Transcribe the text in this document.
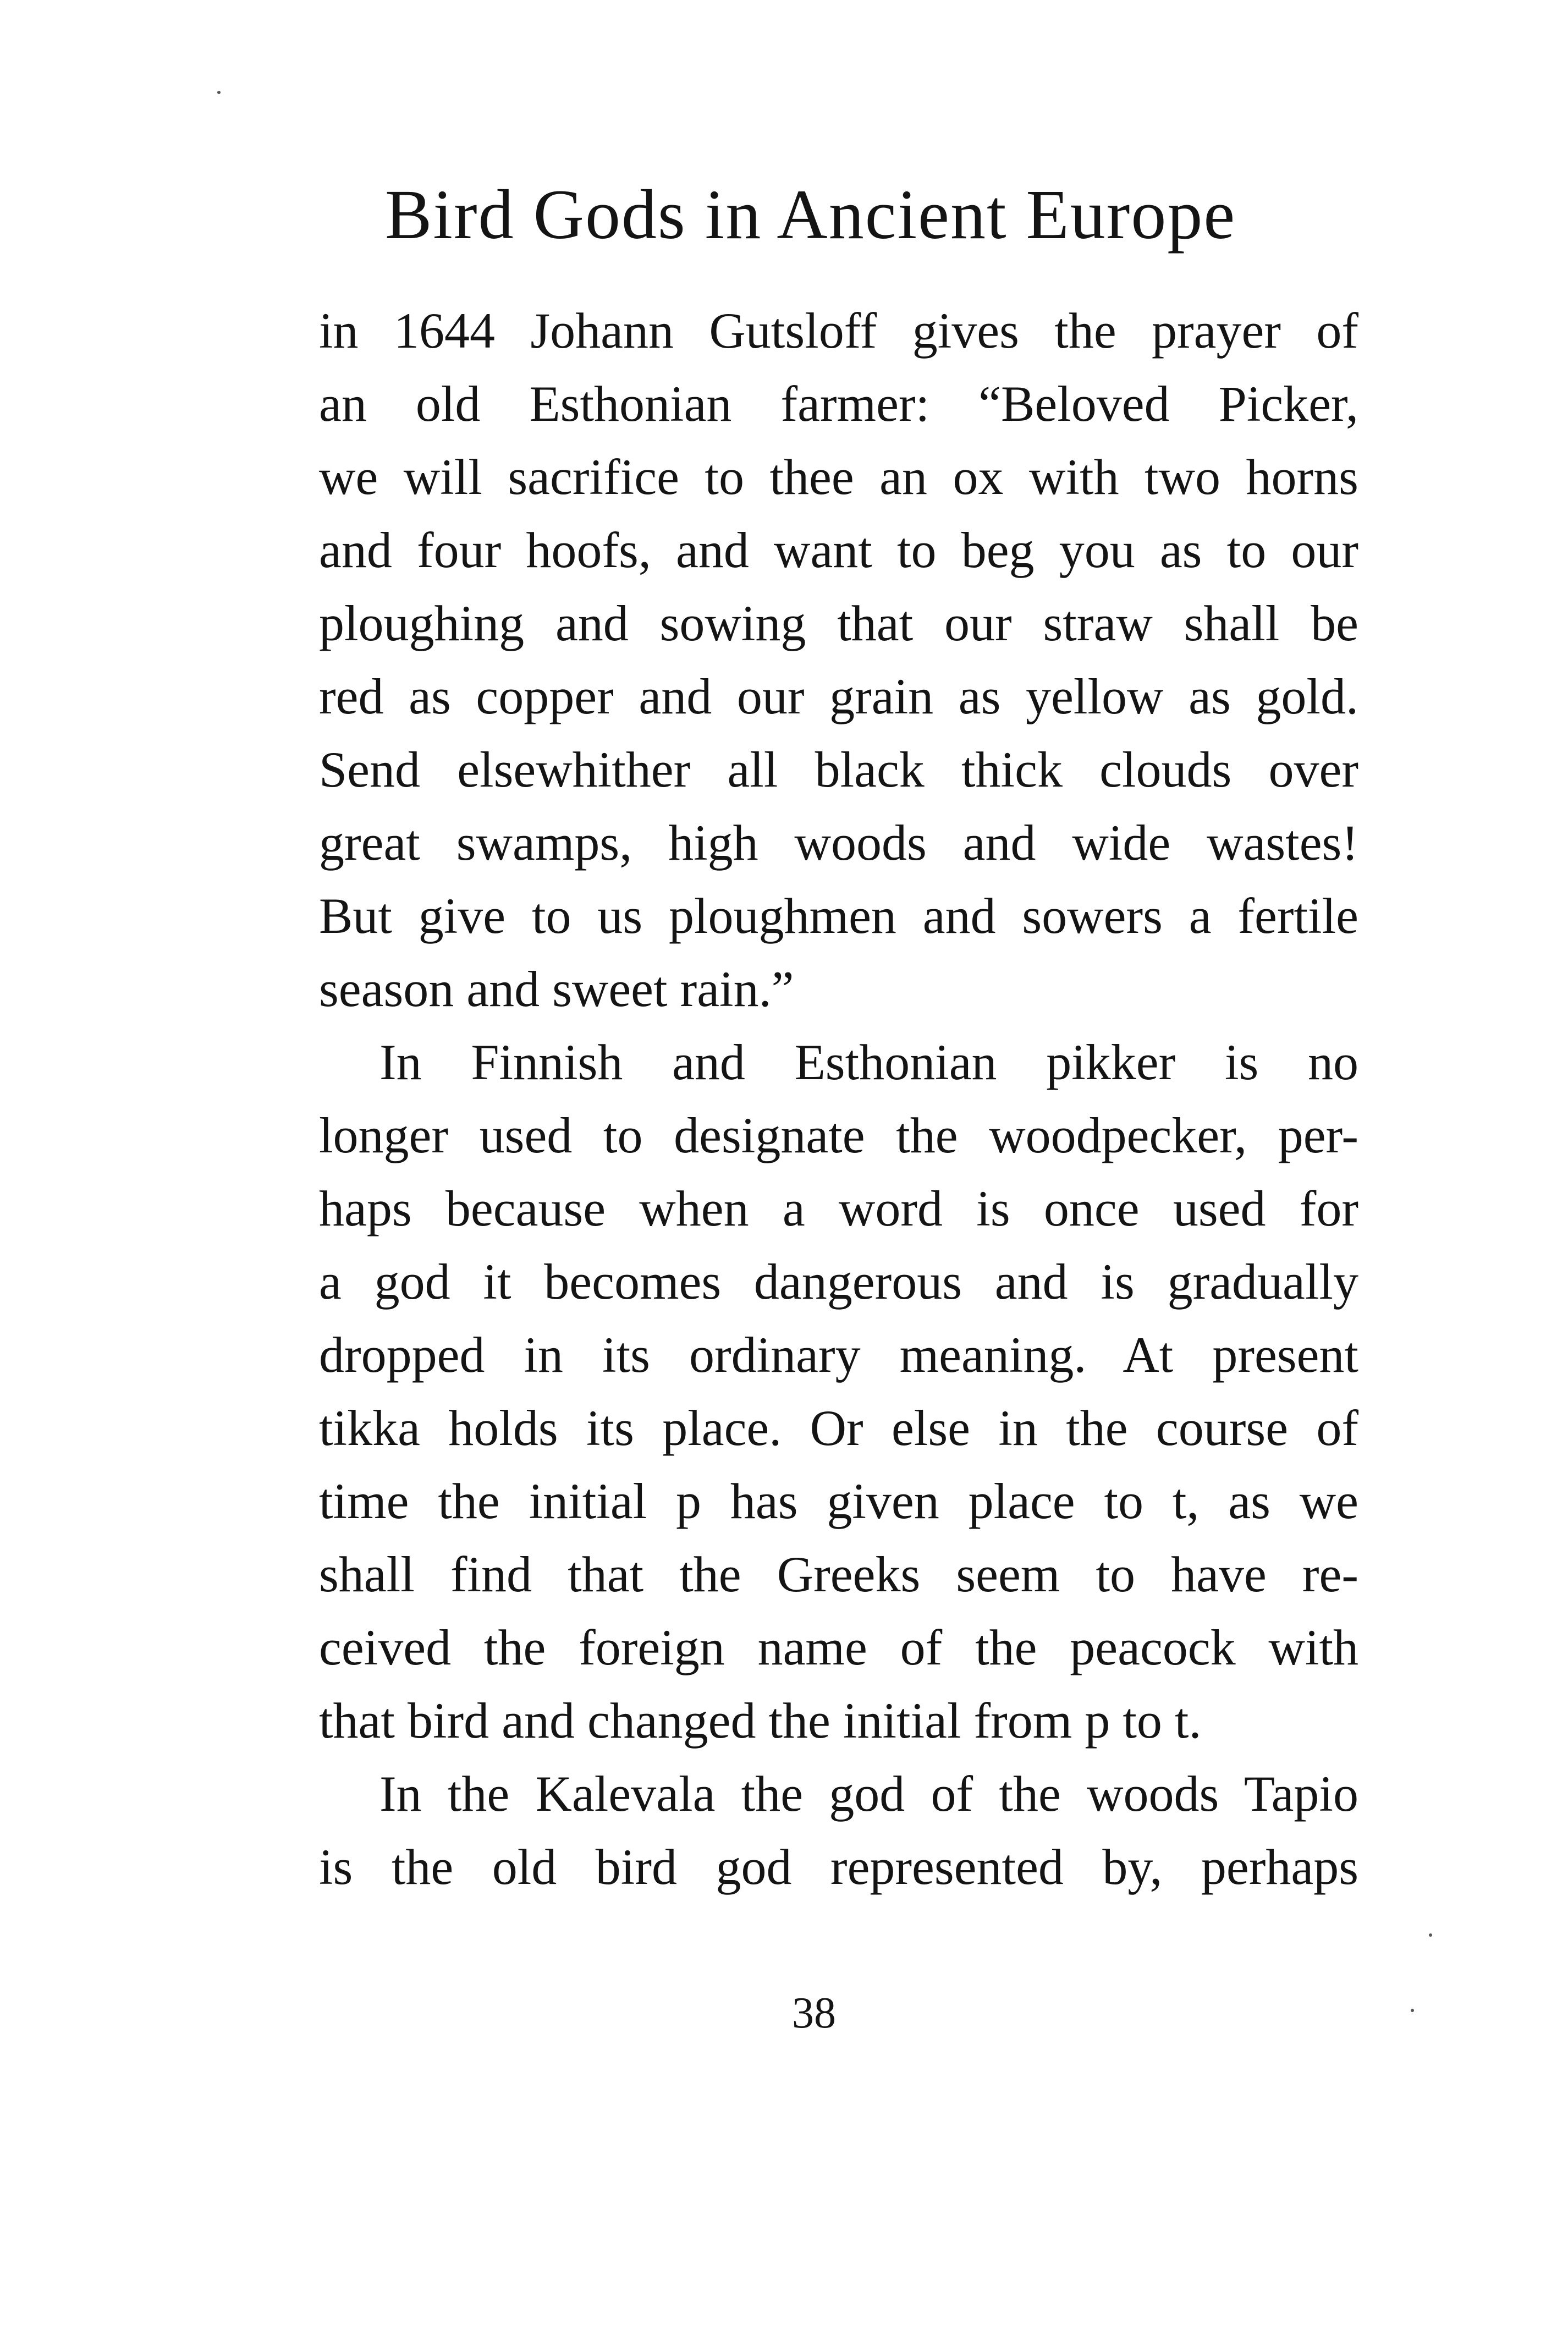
Bird Gods in Ancient Europe
in 1644 Johann Gutsloff gives the prayer of
an old Esthonian farmer: “Beloved Picker,
we will sacrifice to thee an ox with two horns
and four hoofs, and want to beg you as to our
ploughing and sowing that our straw shall be
red as copper and our grain as yellow as gold.
Send elsewhither all black thick clouds over
great swamps, high woods and wide wastes!
But give to us ploughmen and sowers a fertile
season and sweet rain.”
In Finnish and Esthonian pikker is no
longer used to designate the woodpecker, per-
haps because when a word is once used for
a god it becomes dangerous and is gradually
dropped in its ordinary meaning. At present
tikka holds its place. Or else in the course of
time the initial p has given place to t, as we
shall find that the Greeks seem to have re-
ceived the foreign name of the peacock with
that bird and changed the initial from p to t.
In the Kalevala the god of the woods Tapio
is the old bird god represented by, perhaps
38
